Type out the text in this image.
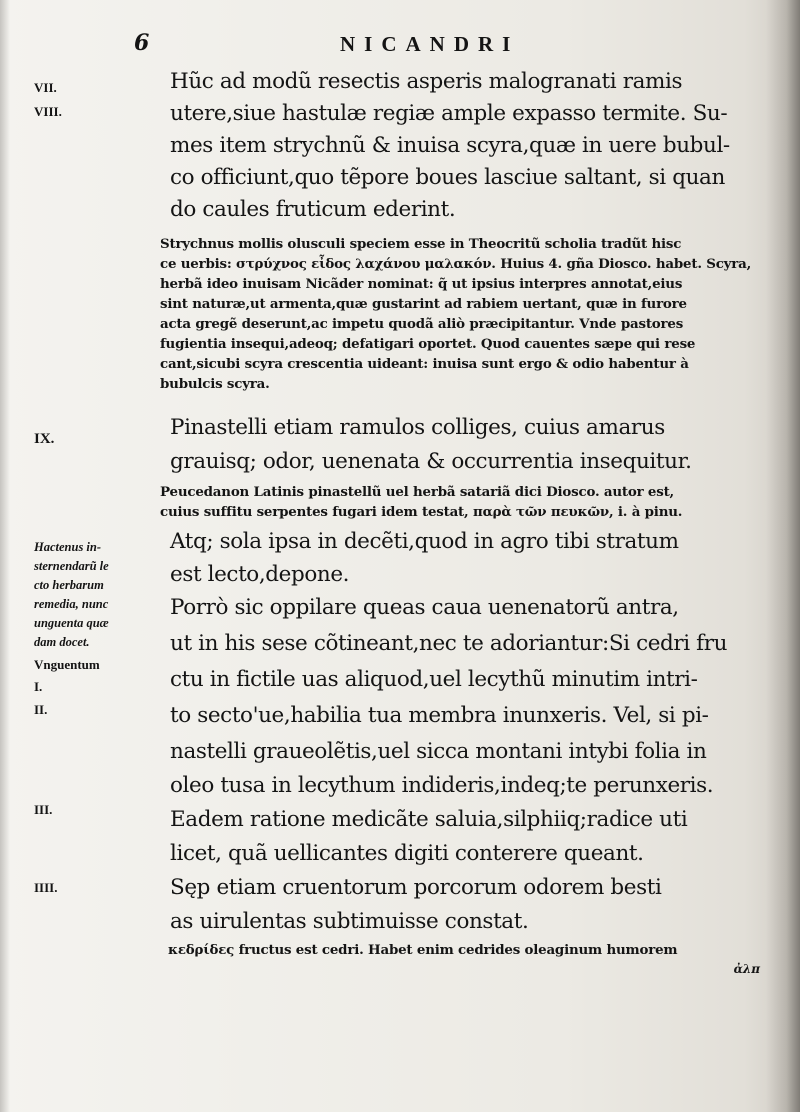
6	NICANDRI
VII.
VIII.
IX.
Hactenus in-
sternendarũ le
cto herbarum
remedia, nunc
unguenta quæ
dam docet.
Vnguentum
I.
II.
III.
IIII.
Hũc ad modũ resectis asperis malogranati ramis
utere,siue hastulæ regiæ ample expasso termite. Su-
mes item strychnũ & inuisa scyra,quæ in uere bubul-
co officiunt,quo tẽpore boues lasciue saltant, si quan
do caules fruticum ederint.
Strychnus mollis olusculi speciem esse in Theocritũ scholia tradũt hisc
ce uerbis: στρύχνος εἶδος λαχάνου μαλακόν. Huius 4. gña Diosco. habet. Scyra,
herbã ideo inuisam Nicãder nominat: q̃ ut ipsius interpres annotat,eius
sint naturæ,ut armenta,quæ gustarint ad rabiem uertant, quæ in furore
acta gregẽ deserunt,ac impetu quodã aliò præcipitantur. Vnde pastores
fugientia insequi,adeoq; defatigari oportet. Quod cauentes sæpe qui rese
cant,sicubi scyra crescentia uideant: inuisa sunt ergo & odio habentur à
bubulcis scyra.
Pinastelli etiam ramulos colliges, cuius amarus
grauisq; odor, uenenata & occurrentia insequitur.
Peucedanon Latinis pinastellũ uel herbã satariã dici Diosco. autor est,
cuius suffitu serpentes fugari idem testat, παρὰ τῶν πευκῶν, i. à pinu.
Atq; sola ipsa in decẽti,quod in agro tibi stratum
est lecto,depone.
Porrò sic oppilare queas caua uenenatorũ antra,
ut in his sese cõtineant,nec te adoriantur:Si cedri fru
ctu in fictile uas aliquod,uel lecythũ minutim intri-
to secto'ue,habilia tua membra inunxeris. Vel, si pi-
nastelli graueolẽtis,uel sicca montani intybi folia in
oleo tusa in lecythum indideris,indeq;te perunxeris.
Eadem ratione medicãte saluia,silphiiq;radice uti
licet, quã uellicantes digiti conterere queant.
Sęp etiam cruentorum porcorum odorem besti
as uirulentas subtimuisse constat.
κεδρίδες fructus est cedri. Habet enim cedrides oleaginum humorem
ἀλπ
